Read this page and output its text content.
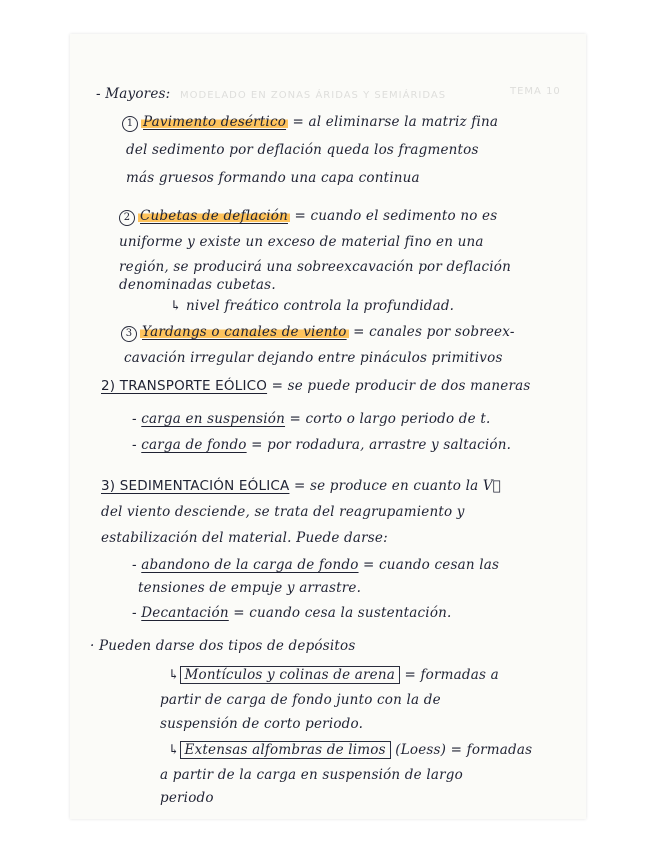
MODELADO EN ZONAS ÁRIDAS Y SEMIÁRIDAS	TEMA 10
- Mayores:
1 Pavimento desértico = al eliminarse la matriz fina
del sedimento por deflación queda los fragmentos
más gruesos formando una capa continua
2 Cubetas de deflación = cuando el sedimento no es
uniforme y existe un exceso de material fino en una
región, se producirá una sobreexcavación por deflación
denominadas cubetas.
↳ nivel freático controla la profundidad.
3 Yardangs o canales de viento = canales por sobreex-
cavación irregular dejando entre pináculos primitivos
2) TRANSPORTE EÓLICO = se puede producir de dos maneras
- carga en suspensión = corto o largo periodo de t.
- carga de fondo = por rodadura, arrastre y saltación.
3) SEDIMENTACIÓN EÓLICA = se produce en cuanto la V⃗
del viento desciende, se trata del reagrupamiento y
estabilización del material. Puede darse:
- abandono de la carga de fondo = cuando cesan las
tensiones de empuje y arrastre.
- Decantación = cuando cesa la sustentación.
· Pueden darse dos tipos de depósitos
↳ Montículos y colinas de arena = formadas a
partir de carga de fondo junto con la de
suspensión de corto periodo.
↳ Extensas alfombras de limos (Loess) = formadas
a partir de la carga en suspensión de largo
periodo
